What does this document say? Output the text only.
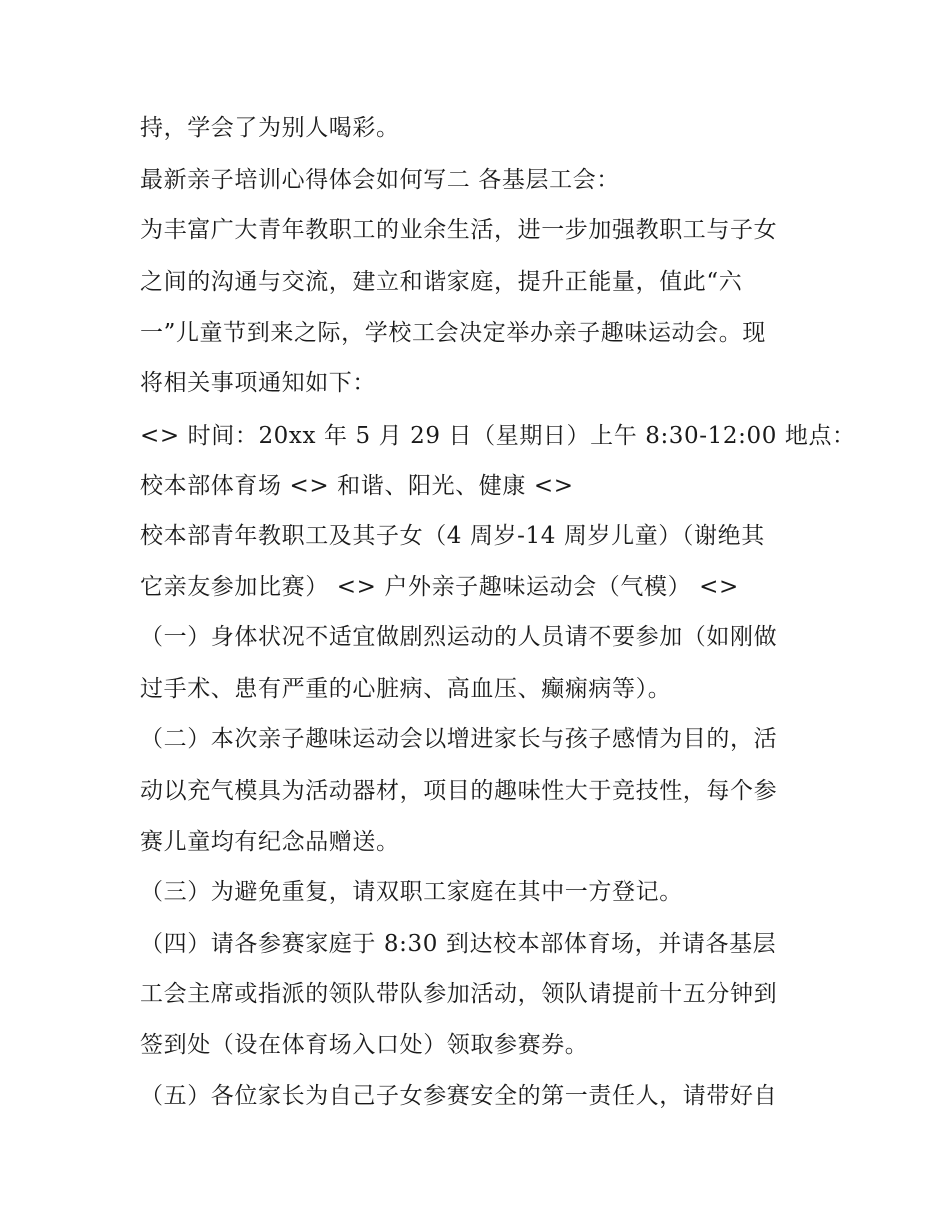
持，学会了为别人喝彩。

最新亲子培训心得体会如何写二 各基层工会：

为丰富广大青年教职工的业余生活，进一步加强教职工与子女

之间的沟通与交流，建立和谐家庭，提升正能量，值此“六

一”儿童节到来之际，学校工会决定举办亲子趣味运动会。现

将相关事项通知如下：

<> 时间：20xx 年 5 月 29 日（星期日）上午 8:30-12:00 地点：

校本部体育场 <> 和谐、阳光、健康 <>

校本部青年教职工及其子女（4 周岁-14 周岁儿童）（谢绝其

它亲友参加比赛） <> 户外亲子趣味运动会（气模） <>

（一）身体状况不适宜做剧烈运动的人员请不要参加（如刚做

过手术、患有严重的心脏病、高血压、癫痫病等）。

（二）本次亲子趣味运动会以增进家长与孩子感情为目的，活

动以充气模具为活动器材，项目的趣味性大于竞技性，每个参

赛儿童均有纪念品赠送。

（三）为避免重复，请双职工家庭在其中一方登记。

（四）请各参赛家庭于 8:30 到达校本部体育场，并请各基层

工会主席或指派的领队带队参加活动，领队请提前十五分钟到

签到处（设在体育场入口处）领取参赛券。

（五）各位家长为自己子女参赛安全的第一责任人，请带好自
